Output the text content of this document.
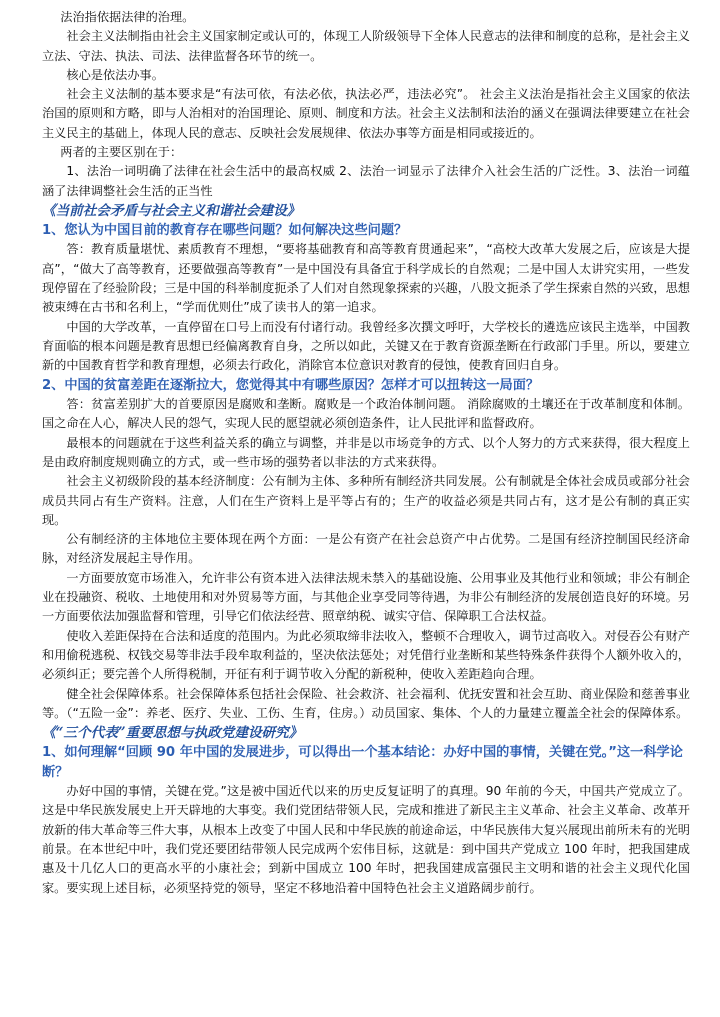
法治指依据法律的治理。

社会主义法制指由社会主义国家制定或认可的，体现工人阶级领导下全体人民意志的法律和制度的总称，是社会主义立法、守法、执法、司法、法律监督各环节的统一。

核心是依法办事。

社会主义法制的基本要求是“有法可依，有法必依，执法必严，违法必究”。 社会主义法治是指社会主义国家的依法治国的原则和方略，即与人治相对的治国理论、原则、制度和方法。社会主义法制和法治的涵义在强调法律要建立在社会主义民主的基础上，体现人民的意志、反映社会发展规律、依法办事等方面是相同或接近的。

两者的主要区别在于：

1、法治一词明确了法律在社会生活中的最高权威 2、法治一词显示了法律介入社会生活的广泛性。3、法治一词蕴涵了法律调整社会生活的正当性

《当前社会矛盾与社会主义和谐社会建设》
1、您认为中国目前的教育存在哪些问题？如何解决这些问题？

答：教育质量堪忧、素质教育不理想，“要将基础教育和高等教育贯通起来”，“高校大改革大发展之后，应该是大提高”，“做大了高等教育，还要做强高等教育”一是中国没有具备宜于科学成长的自然观；二是中国人太讲究实用，一些发现停留在了经验阶段；三是中国的科举制度扼杀了人们对自然现象探索的兴趣，八股文扼杀了学生探索自然的兴致，思想被束缚在古书和名利上，“学而优则仕”成了读书人的第一追求。

中国的大学改革，一直停留在口号上而没有付诸行动。我曾经多次撰文呼吁，大学校长的遴选应该民主选举，中国教育面临的根本问题是教育思想已经偏离教育自身，之所以如此，关键又在于教育资源垄断在行政部门手里。所以，要建立新的中国教育哲学和教育理想，必须去行政化，消除官本位意识对教育的侵蚀，使教育回归自身。

2、中国的贫富差距在逐渐拉大，您觉得其中有哪些原因？怎样才可以扭转这一局面？

答：贫富差别扩大的首要原因是腐败和垄断。腐败是一个政治体制问题。 消除腐败的土壤还在于改革制度和体制。国之命在人心，解决人民的怨气，实现人民的愿望就必须创造条件，让人民批评和监督政府。

最根本的问题就在于这些利益关系的确立与调整，并非是以市场竞争的方式、以个人努力的方式来获得，很大程度上是由政府制度规则确立的方式，或一些市场的强势者以非法的方式来获得。

社会主义初级阶段的基本经济制度：公有制为主体、多种所有制经济共同发展。公有制就是全体社会成员或部分社会成员共同占有生产资料。注意，人们在生产资料上是平等占有的；生产的收益必须是共同占有，这才是公有制的真正实现。

公有制经济的主体地位主要体现在两个方面：一是公有资产在社会总资产中占优势。二是国有经济控制国民经济命脉，对经济发展起主导作用。

一方面要放宽市场准入，允许非公有资本进入法律法规未禁入的基础设施、公用事业及其他行业和领域；非公有制企业在投融资、税收、土地使用和对外贸易等方面，与其他企业享受同等待遇，为非公有制经济的发展创造良好的环境。另一方面要依法加强监督和管理，引导它们依法经营、照章纳税、诚实守信、保障职工合法权益。

使收入差距保持在合法和适度的范围内。为此必须取缔非法收入，整顿不合理收入，调节过高收入。对侵吞公有财产和用偷税逃税、权钱交易等非法手段牟取利益的，坚决依法惩处；对凭借行业垄断和某些特殊条件获得个人额外收入的，必须纠正；要完善个人所得税制，开征有利于调节收入分配的新税种，使收入差距趋向合理。

健全社会保障体系。社会保障体系包括社会保险、社会救济、社会福利、优抚安置和社会互助、商业保险和慈善事业等。（“五险一金”：养老、医疗、失业、工伤、生育，住房。）动员国家、集体、个人的力量建立覆盖全社会的保障体系。

《“三个代表”重要思想与执政党建设研究》
1、如何理解“回顾 90 年中国的发展进步，可以得出一个基本结论：办好中国的事情，关键在党。”这一科学论断？

办好中国的事情，关键在党。”这是被中国近代以来的历史反复证明了的真理。90 年前的今天，中国共产党成立了。这是中华民族发展史上开天辟地的大事变。我们党团结带领人民，完成和推进了新民主主义革命、社会主义革命、改革开放新的伟大革命等三件大事，从根本上改变了中国人民和中华民族的前途命运，中华民族伟大复兴展现出前所未有的光明前景。在本世纪中叶，我们党还要团结带领人民完成两个宏伟目标，这就是：到中国共产党成立 100 年时，把我国建成惠及十几亿人口的更高水平的小康社会；到新中国成立 100 年时，把我国建成富强民主文明和谐的社会主义现代化国家。要实现上述目标，必须坚持党的领导，坚定不移地沿着中国特色社会主义道路阔步前行。
